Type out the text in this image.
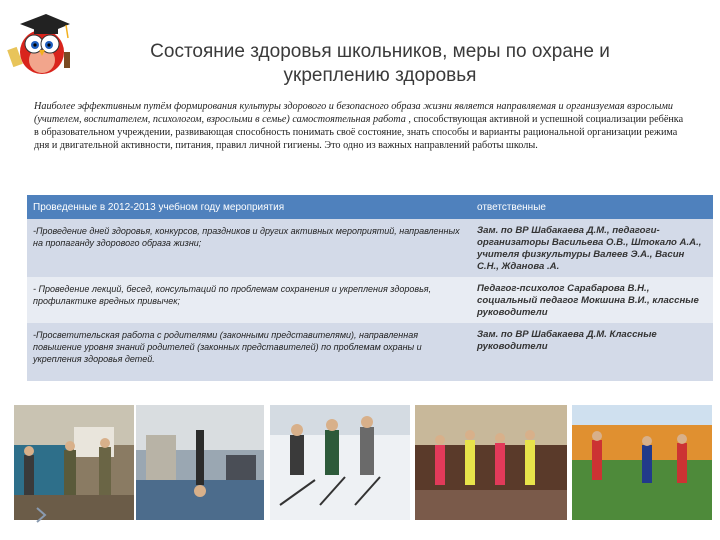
Состояние здоровья школьников, меры по охране и
укреплению здоровья
Наиболее эффективным путём формирования культуры здорового и безопасного образа жизни является направляемая и организуемая взрослыми (учителем, воспитателем, психологом, взрослыми в семье) самостоятельная работа , способствующая активной и успешной социализации ребёнка в образовательном учреждении, развивающая способность понимать своё состояние, знать способы и варианты рациональной организации режима дня и двигательной активности, питания, правил личной гигиены. Это одно из важных направлений работы школы.
Проведенные в 2012-2013 учебном году мероприятия	ответственные
-Проведение дней здоровья, конкурсов, праздников и других активных мероприятий, направленных на пропаганду здорового образа жизни;	Зам. по ВР Шабакаева Д.М., педагоги-организаторы Васильева О.В., Штокало А.А., учителя физкультуры Валеев Э.А., Васин С.Н., Жданова .А.
- Проведение лекций, бесед, консультаций по проблемам сохранения и укрепления здоровья, профилактике вредных привычек;	Педагог-психолог Сарабарова В.Н., социальный педагог Мокшина В.И., классные руководители
-Просветительская работа с родителями (законными представителями), направленная повышение уровня знаний родителей (законных представителей) по проблемам охраны и укрепления здоровья детей.	Зам. по ВР Шабакаева Д.М. Классные руководители
